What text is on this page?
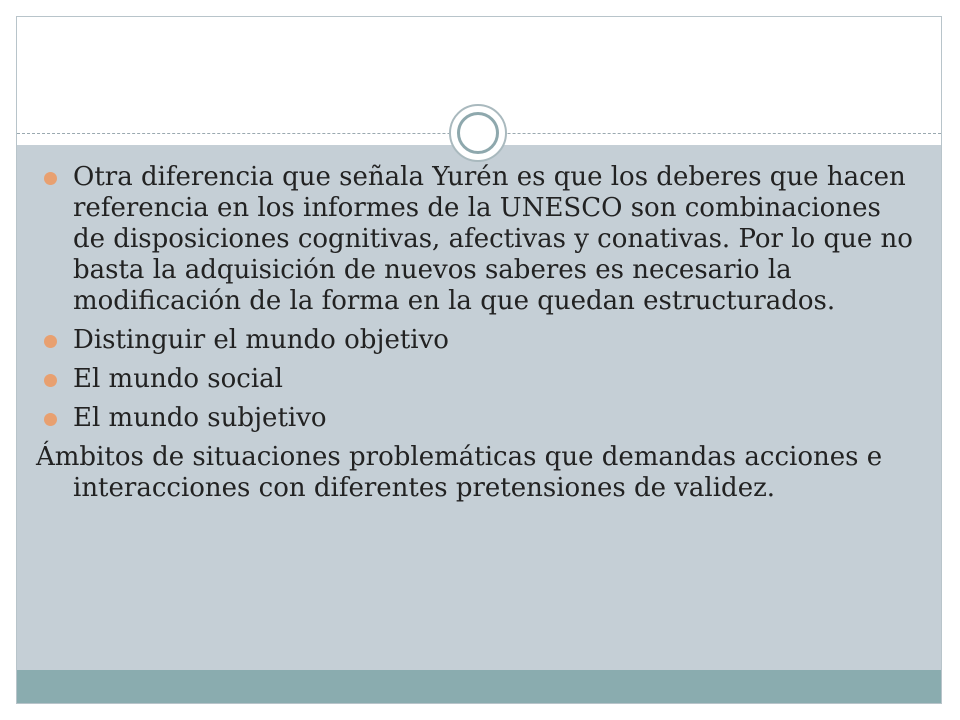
Otra diferencia que señala Yurén es que los deberes que hacen referencia en los informes de la UNESCO son combinaciones de disposiciones cognitivas, afectivas y conativas. Por lo que no basta la adquisición de nuevos saberes es necesario la modificación de la forma en la que quedan estructurados.
Distinguir el mundo objetivo
El mundo social
El mundo subjetivo
Ámbitos de situaciones problemáticas que demandas acciones e interacciones con diferentes pretensiones de validez.
